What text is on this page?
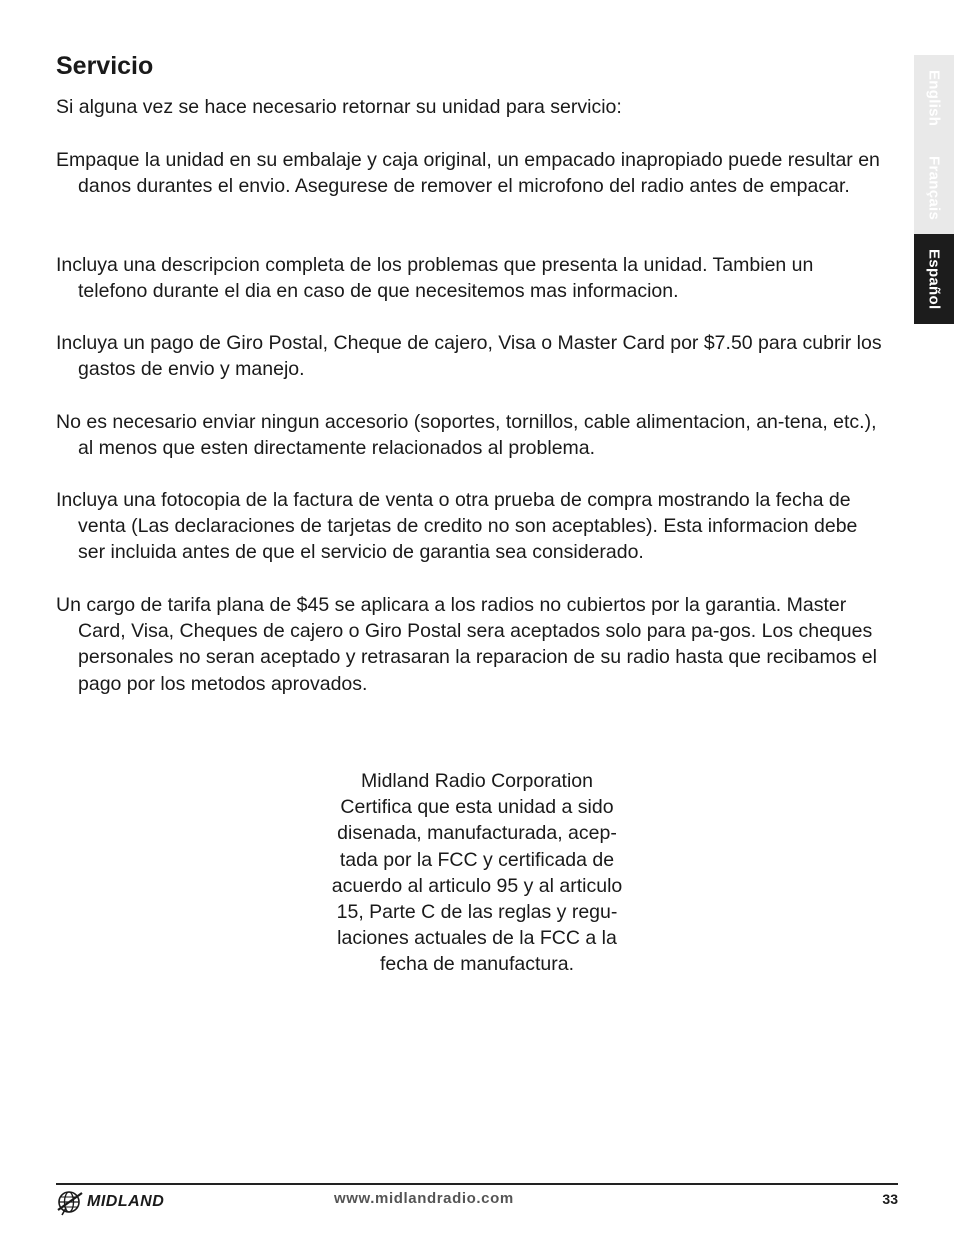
Servicio

Si alguna vez se hace necesario retornar su unidad para servicio:

Empaque la unidad en su embalaje y caja original, un empacado inapropiado puede resultar en danos durantes el envio. Asegurese de remover el microfono del radio antes de empacar.

Incluya una descripcion completa de los problemas que presenta la unidad. Tambien un telefono durante el dia en caso de que necesitemos mas informacion.

Incluya un pago de Giro Postal, Cheque de cajero, Visa o Master Card por $7.50 para cubrir los gastos de envio y manejo.

No es necesario enviar ningun accesorio (soportes, tornillos, cable alimentacion, an-tena, etc.), al menos que esten directamente relacionados al problema.

Incluya una fotocopia de la factura de venta o otra prueba de compra mostrando la fecha de venta (Las declaraciones de tarjetas de credito no son aceptables). Esta informacion debe ser incluida antes de que el servicio de garantia sea considerado.

Un cargo de tarifa plana de $45 se aplicara a los radios no cubiertos por la garantia. Master Card, Visa, Cheques de cajero o Giro Postal sera aceptados solo para pa-gos. Los cheques personales no seran aceptado y retrasaran la reparacion de su radio hasta que recibamos el pago por los metodos aprovados.

Midland Radio Corporation
Certifica que esta unidad a sido
disenada, manufacturada, acep-
tada por la FCC y certificada de
acuerdo al articulo 95 y al articulo
15, Parte C de las reglas y regu-
laciones actuales de la FCC a la
fecha de manufactura.
English
Français
Español
MIDLAND	www.midlandradio.com	33
